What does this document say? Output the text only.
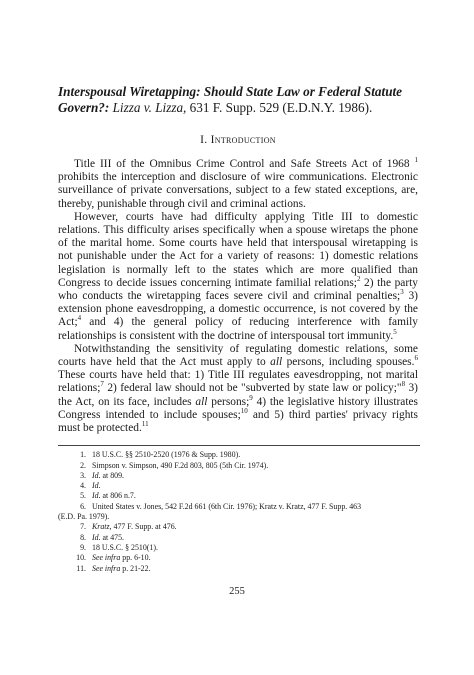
Interspousal Wiretapping: Should State Law or Federal Statute Govern?: Lizza v. Lizza, 631 F. Supp. 529 (E.D.N.Y. 1986).
I. Introduction

Title III of the Omnibus Crime Control and Safe Streets Act of 1968 $^1$ prohibits the interception and disclosure of wire communications. Electronic surveillance of private conversations, subject to a few stated exceptions, are, thereby, punishable through civil and criminal actions.

However, courts have had difficulty applying Title III to domestic relations. This difficulty arises specifically when a spouse wiretaps the phone of the marital home. Some courts have held that interspousal wiretapping is not punishable under the Act for a variety of reasons: 1) domestic relations legislation is normally left to the states which are more qualified than Congress to decide issues concerning intimate familial relations;$^2$ 2) the party who conducts the wiretapping faces severe civil and criminal penalties;$^3$ 3) extension phone eavesdropping, a domestic occurrence, is not covered by the Act;$^4$ and 4) the general policy of reducing interference with family relationships is consistent with the doctrine of interspousal tort immunity.$^5$

Notwithstanding the sensitivity of regulating domestic relations, some courts have held that the Act must apply to all persons, including spouses.$^6$ These courts have held that: 1) Title III regulates eavesdropping, not marital relations;$^7$ 2) federal law should not be "subverted by state law or policy;"$^8$ 3) the Act, on its face, includes all persons;$^9$ 4) the legislative history illustrates Congress intended to include spouses;$^{10}$ and 5) third parties' privacy rights must be protected.$^{11}$

1. 18 U.S.C. §§ 2510-2520 (1976 & Supp. 1980).
2. Simpson v. Simpson, 490 F.2d 803, 805 (5th Cir. 1974).
3. Id. at 809.
4. Id.
5. Id. at 806 n.7.
6. United States v. Jones, 542 F.2d 661 (6th Cir. 1976); Kratz v. Kratz, 477 F. Supp. 463
(E.D. Pa. 1979).
7. Kratz, 477 F. Supp. at 476.
8. Id. at 475.
9. 18 U.S.C. § 2510(1).
10. See infra pp. 6-10.
11. See infra p. 21-22.
255
